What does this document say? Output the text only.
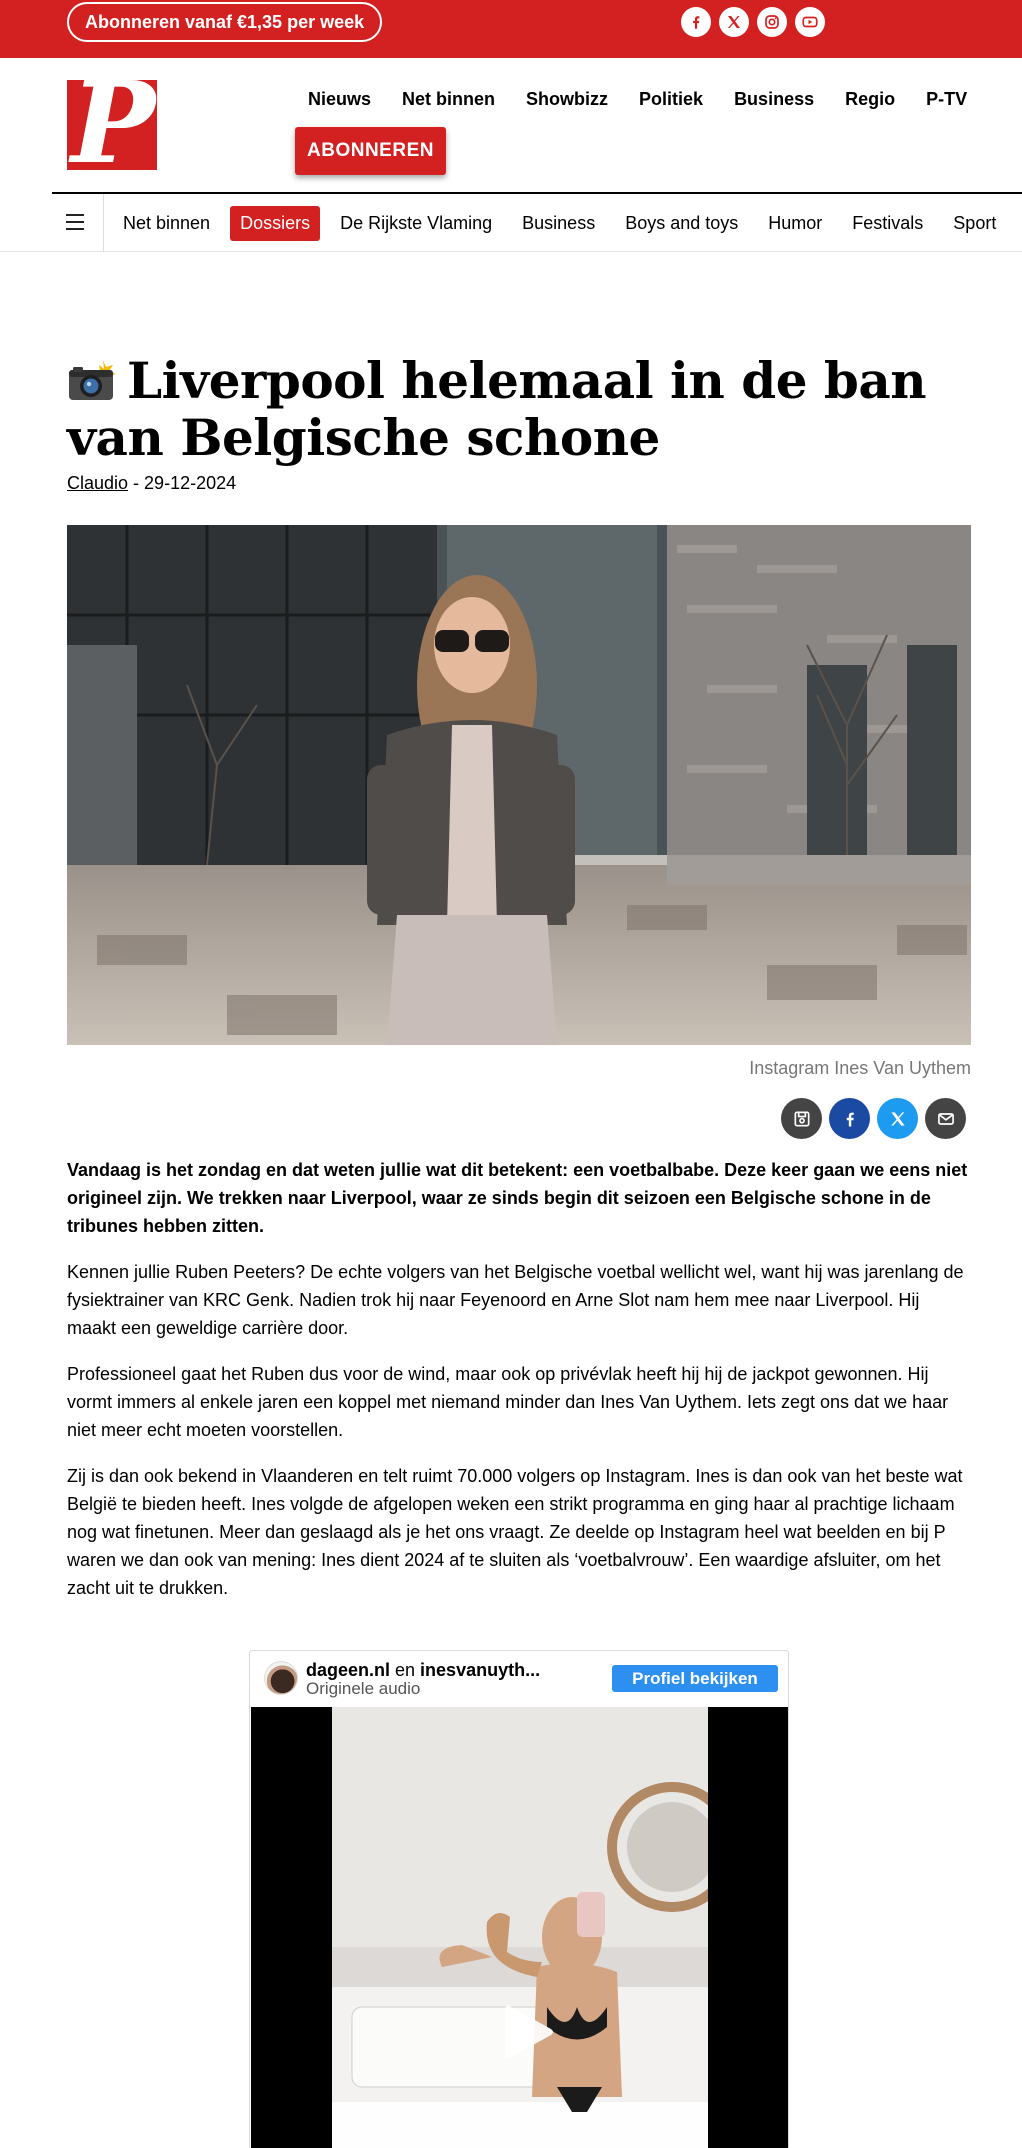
Abonneren vanaf €1,35 per week
P	Nieuws Net binnen Showbizz Politiek Business Regio P-TV
ABONNEREN
Net binnen	Dossiers	De Rijkste Vlaming	Business	Boys and toys	Humor	Festivals	Sport
Liverpool helemaal in de ban van Belgische schone
Claudio - 29-12-2024
Instagram Ines Van Uythem

Vandaag is het zondag en dat weten jullie wat dit betekent: een voetbalbabe. Deze keer gaan we eens niet origineel zijn. We trekken naar Liverpool, waar ze sinds begin dit seizoen een Belgische schone in de tribunes hebben zitten.

Kennen jullie Ruben Peeters? De echte volgers van het Belgische voetbal wellicht wel, want hij was jarenlang de fysiektrainer van KRC Genk. Nadien trok hij naar Feyenoord en Arne Slot nam hem mee naar Liverpool. Hij maakt een geweldige carrière door.

Professioneel gaat het Ruben dus voor de wind, maar ook op privévlak heeft hij hij de jackpot gewonnen. Hij vormt immers al enkele jaren een koppel met niemand minder dan Ines Van Uythem. Iets zegt ons dat we haar niet meer echt moeten voorstellen.

Zij is dan ook bekend in Vlaanderen en telt ruimt 70.000 volgers op Instagram. Ines is dan ook van het beste wat België te bieden heeft. Ines volgde de afgelopen weken een strikt programma en ging haar al prachtige lichaam nog wat finetunen. Meer dan geslaagd als je het ons vraagt. Ze deelde op Instagram heel wat beelden en bij P waren we dan ook van mening: Ines dient 2024 af te sluiten als ‘voetbalvrouw’. Een waardige afsluiter, om het zacht uit te drukken.

dageen.nl en inesvanuyth...
Originele audio
Profiel bekijken
